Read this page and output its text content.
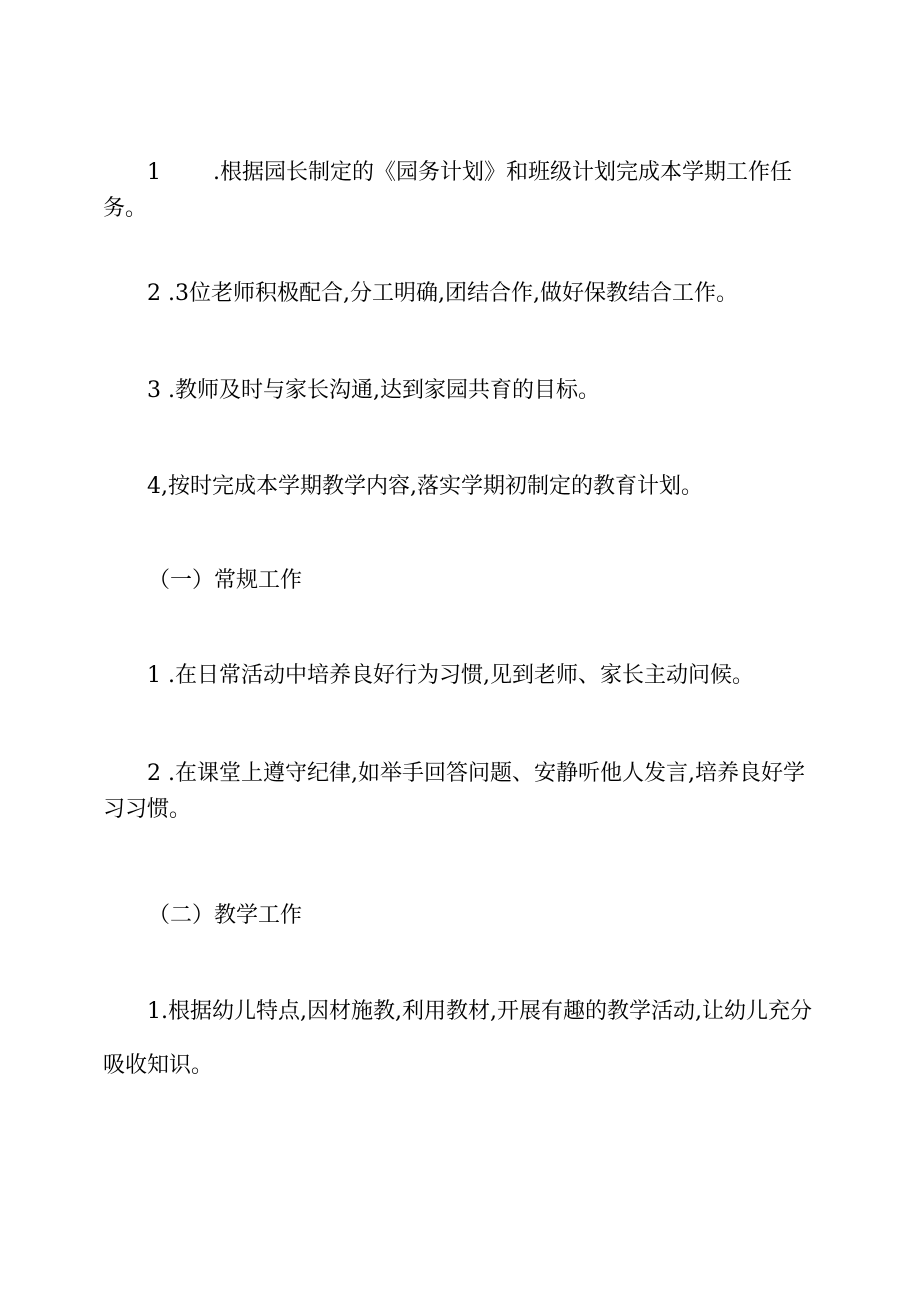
1 .根据园长制定的《园务计划》和班级计划完成本学期工作任务。

2 .3位老师积极配合,分工明确,团结合作,做好保教结合工作。

3 .教师及时与家长沟通,达到家园共育的目标。

4,按时完成本学期教学内容,落实学期初制定的教育计划。

（一）常规工作

1 .在日常活动中培养良好行为习惯,见到老师、家长主动问候。

2 .在课堂上遵守纪律,如举手回答问题、安静听他人发言,培养良好学习习惯。

（二）教学工作

1.根据幼儿特点,因材施教,利用教材,开展有趣的教学活动,让幼儿充分吸收知识。
